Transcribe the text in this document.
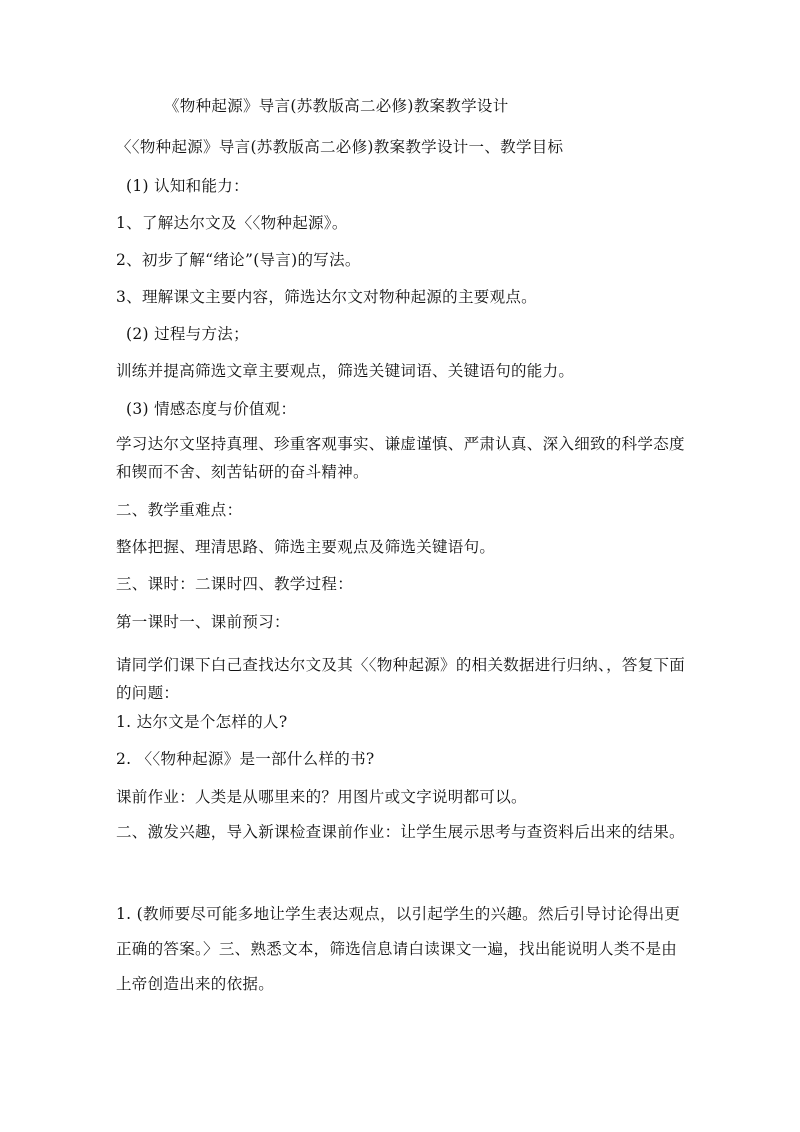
《物种起源》导言(苏教版高二必修)教案教学设计
〈〈物种起源》导言(苏教版高二必修)教案教学设计一、教学目标
(1) 认知和能力：
1、了解达尔文及〈〈物种起源》。
2、初步了解“绪论”(导言)的写法。
3、理解课文主要内容，筛选达尔文对物种起源的主要观点。
(2) 过程与方法；
训练并提高筛选文章主要观点，筛选关键词语、关键语句的能力。
(3) 情感态度与价值观：
学习达尔文坚持真理、珍重客观事实、谦虚谨慎、严肃认真、深入细致的科学态度和锲而不舍、刻苦钻研的奋斗精神。
二、教学重难点：
整体把握、理清思路、筛选主要观点及筛选关键语句。
三、课时：二课时四、教学过程：
第一课时一、课前预习：
请同学们课下白己查找达尔文及其〈〈物种起源》的相关数据进行归纳、，答复下面的问题：
1. 达尔文是个怎样的人?
2. 〈〈物种起源》是一部什么样的书?
课前作业：人类是从哪里来的？用图片或文字说明都可以。
二、激发兴趣，导入新课检查课前作业：让学生展示思考与查资料后出来的结果。
1. (教师要尽可能多地让学生表达观点，以引起学生的兴趣。然后引导讨论得出更正确的答案。〉三、熟悉文本，筛选信息请白读课文一遍，找出能说明人类不是由上帝创造出来的依据。
